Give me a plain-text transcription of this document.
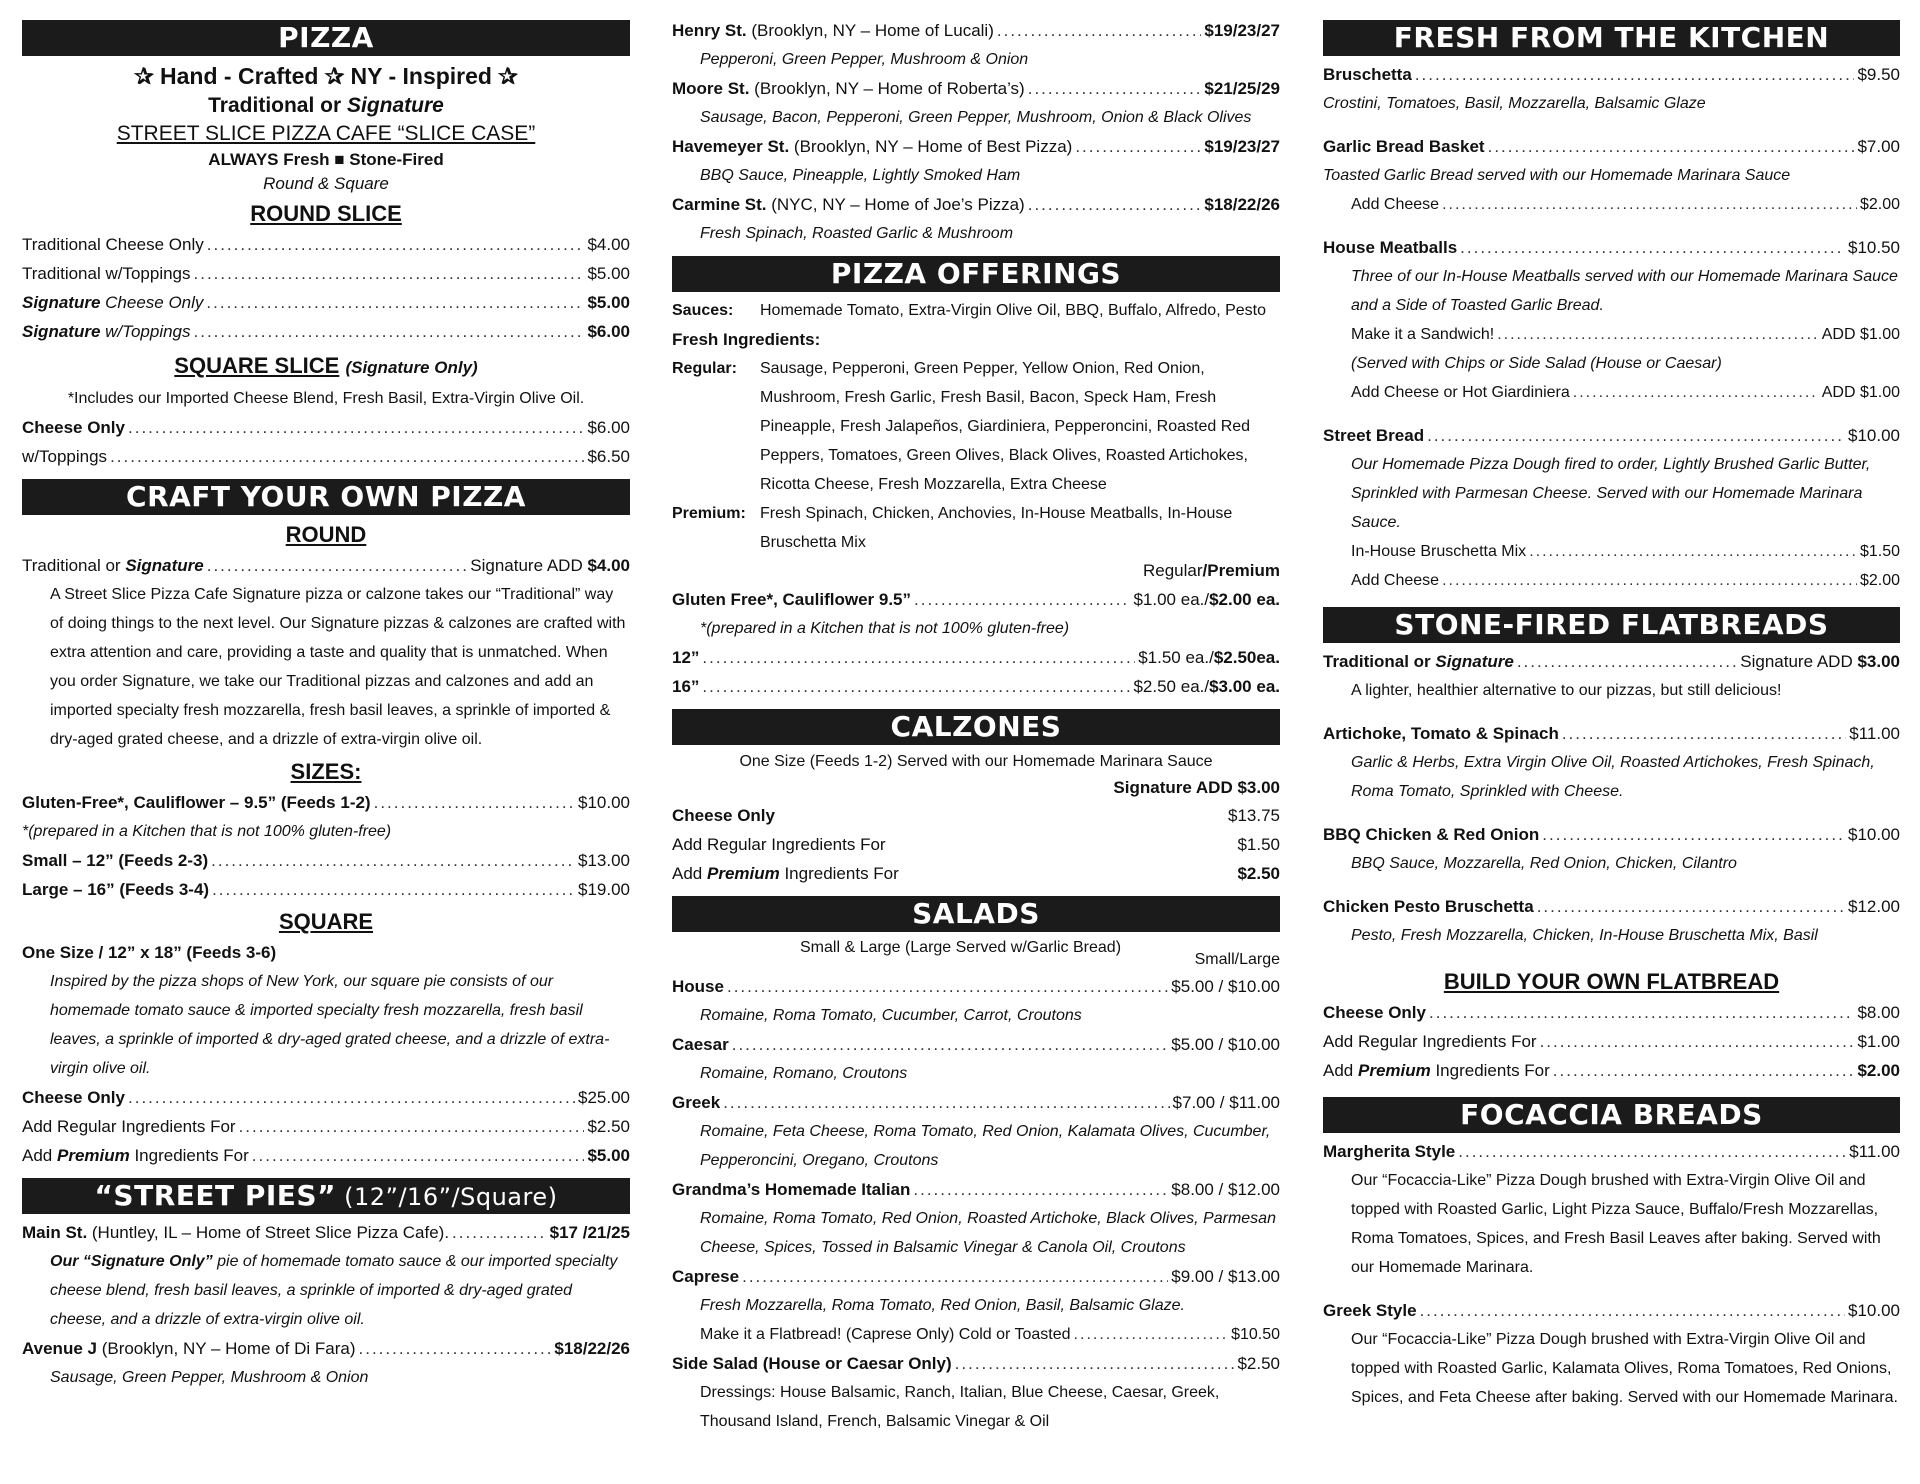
PIZZA
✰ Hand - Crafted ✰ NY - Inspired ✰
Traditional or Signature
STREET SLICE PIZZA CAFE “SLICE CASE”
ALWAYS Fresh ■ Stone-Fired
Round & Square
ROUND SLICE
Traditional Cheese Only .....	$4.00
Traditional w/Toppings .....	$5.00
Signature Cheese Only .....	$5.00
Signature w/Toppings .....	$6.00
SQUARE SLICE (Signature Only)
*Includes our Imported Cheese Blend, Fresh Basil, Extra-Virgin Olive Oil.
Cheese Only .....	$6.00
w/Toppings .....	$6.50
CRAFT YOUR OWN PIZZA
ROUND
Traditional or Signature .....	Signature ADD $4.00
A Street Slice Pizza Cafe Signature pizza or calzone takes our “Traditional” way of doing things to the next level. Our Signature pizzas & calzones are crafted with extra attention and care, providing a taste and quality that is unmatched. When you order Signature, we take our Traditional pizzas and calzones and add an imported specialty fresh mozzarella, fresh basil leaves, a sprinkle of imported & dry-aged grated cheese, and a drizzle of extra-virgin olive oil.
SIZES:
Gluten-Free*, Cauliflower – 9.5” (Feeds 1-2) .....	$10.00
*(prepared in a Kitchen that is not 100% gluten-free)
Small – 12” (Feeds 2-3) .....	$13.00
Large – 16” (Feeds 3-4) .....	$19.00
SQUARE
One Size / 12” x 18” (Feeds 3-6)
Inspired by the pizza shops of New York, our square pie consists of our homemade tomato sauce & imported specialty fresh mozzarella, fresh basil leaves, a sprinkle of imported & dry-aged grated cheese, and a drizzle of extra-virgin olive oil.
Cheese Only .....	$25.00
Add Regular Ingredients For .....	$2.50
Add Premium Ingredients For .....	$5.00
“STREET PIES” (12”/16”/Square)
Main St. (Huntley, IL – Home of Street Slice Pizza Cafe). .....	$17 /21/25
Our “Signature Only” pie of homemade tomato sauce & our imported specialty cheese blend, fresh basil leaves, a sprinkle of imported & dry-aged grated cheese, and a drizzle of extra-virgin olive oil.
Avenue J (Brooklyn, NY – Home of Di Fara) .....	$18/22/26
Sausage, Green Pepper, Mushroom & Onion
Henry St. (Brooklyn, NY – Home of Lucali) .....	$19/23/27
Pepperoni, Green Pepper, Mushroom & Onion
Moore St. (Brooklyn, NY – Home of Roberta’s) .....	$21/25/29
Sausage, Bacon, Pepperoni, Green Pepper, Mushroom, Onion & Black Olives
Havemeyer St. (Brooklyn, NY – Home of Best Pizza) .....	$19/23/27
BBQ Sauce, Pineapple, Lightly Smoked Ham
Carmine St. (NYC, NY – Home of Joe’s Pizza) .....	$18/22/26
Fresh Spinach, Roasted Garlic & Mushroom
PIZZA OFFERINGS
Sauces:	Homemade Tomato, Extra-Virgin Olive Oil, BBQ, Buffalo, Alfredo, Pesto
Fresh Ingredients:
Regular:	Sausage, Pepperoni, Green Pepper, Yellow Onion, Red Onion, Mushroom, Fresh Garlic, Fresh Basil, Bacon, Speck Ham, Fresh Pineapple, Fresh Jalapeños, Giardiniera, Pepperoncini, Roasted Red Peppers, Tomatoes, Green Olives, Black Olives, Roasted Artichokes, Ricotta Cheese, Fresh Mozzarella, Extra Cheese
Premium: Fresh Spinach, Chicken, Anchovies, In-House Meatballs, In-House Bruschetta Mix
Regular/Premium
Gluten Free*, Cauliflower 9.5” .....	$1.00 ea./$2.00 ea.
*(prepared in a Kitchen that is not 100% gluten-free)
12” .....	$1.50 ea./$2.50ea.
16” .....	$2.50 ea./$3.00 ea.
CALZONES
One Size (Feeds 1-2) Served with our Homemade Marinara Sauce
Signature ADD $3.00
Cheese Only	$13.75
Add Regular Ingredients For	$1.50
Add Premium Ingredients For	$2.50
SALADS
Small & Large (Large Served w/Garlic Bread)
Small/Large
House .....	$5.00 / $10.00
Romaine, Roma Tomato, Cucumber, Carrot, Croutons
Caesar .....	$5.00 / $10.00
Romaine, Romano, Croutons
Greek .....	$7.00 / $11.00
Romaine, Feta Cheese, Roma Tomato, Red Onion, Kalamata Olives, Cucumber, Pepperoncini, Oregano, Croutons
Grandma’s Homemade Italian .....	$8.00 / $12.00
Romaine, Roma Tomato, Red Onion, Roasted Artichoke, Black Olives, Parmesan Cheese, Spices, Tossed in Balsamic Vinegar & Canola Oil, Croutons
Caprese .....	$9.00 / $13.00
Fresh Mozzarella, Roma Tomato, Red Onion, Basil, Balsamic Glaze.
Make it a Flatbread! (Caprese Only) Cold or Toasted .....	$10.50
Side Salad (House or Caesar Only) .....	$2.50
Dressings: House Balsamic, Ranch, Italian, Blue Cheese, Caesar, Greek, Thousand Island, French, Balsamic Vinegar & Oil
FRESH FROM THE KITCHEN
Bruschetta .....	$9.50
Crostini, Tomatoes, Basil, Mozzarella, Balsamic Glaze
Garlic Bread Basket .....	$7.00
Toasted Garlic Bread served with our Homemade Marinara Sauce
Add Cheese .....	$2.00
House Meatballs .....	$10.50
Three of our In-House Meatballs served with our Homemade Marinara Sauce and a Side of Toasted Garlic Bread.
Make it a Sandwich! .....	ADD $1.00
(Served with Chips or Side Salad (House or Caesar)
Add Cheese or Hot Giardiniera .....	ADD $1.00
Street Bread .....	$10.00
Our Homemade Pizza Dough fired to order, Lightly Brushed Garlic Butter, Sprinkled with Parmesan Cheese. Served with our Homemade Marinara Sauce.
In-House Bruschetta Mix .....	$1.50
Add Cheese .....	$2.00
STONE-FIRED FLATBREADS
Traditional or Signature .....	Signature ADD $3.00
A lighter, healthier alternative to our pizzas, but still delicious!
Artichoke, Tomato & Spinach .....	$11.00
Garlic & Herbs, Extra Virgin Olive Oil, Roasted Artichokes, Fresh Spinach, Roma Tomato, Sprinkled with Cheese.
BBQ Chicken & Red Onion .....	$10.00
BBQ Sauce, Mozzarella, Red Onion, Chicken, Cilantro
Chicken Pesto Bruschetta .....	$12.00
Pesto, Fresh Mozzarella, Chicken, In-House Bruschetta Mix, Basil
BUILD YOUR OWN FLATBREAD
Cheese Only .....	$8.00
Add Regular Ingredients For .....	$1.00
Add Premium Ingredients For .....	$2.00
FOCACCIA BREADS
Margherita Style .....	$11.00
Our “Focaccia-Like” Pizza Dough brushed with Extra-Virgin Olive Oil and topped with Roasted Garlic, Light Pizza Sauce, Buffalo/Fresh Mozzarellas, Roma Tomatoes, Spices, and Fresh Basil Leaves after baking. Served with our Homemade Marinara.
Greek Style .....	$10.00
Our “Focaccia-Like” Pizza Dough brushed with Extra-Virgin Olive Oil and topped with Roasted Garlic, Kalamata Olives, Roma Tomatoes, Red Onions, Spices, and Feta Cheese after baking. Served with our Homemade Marinara.
